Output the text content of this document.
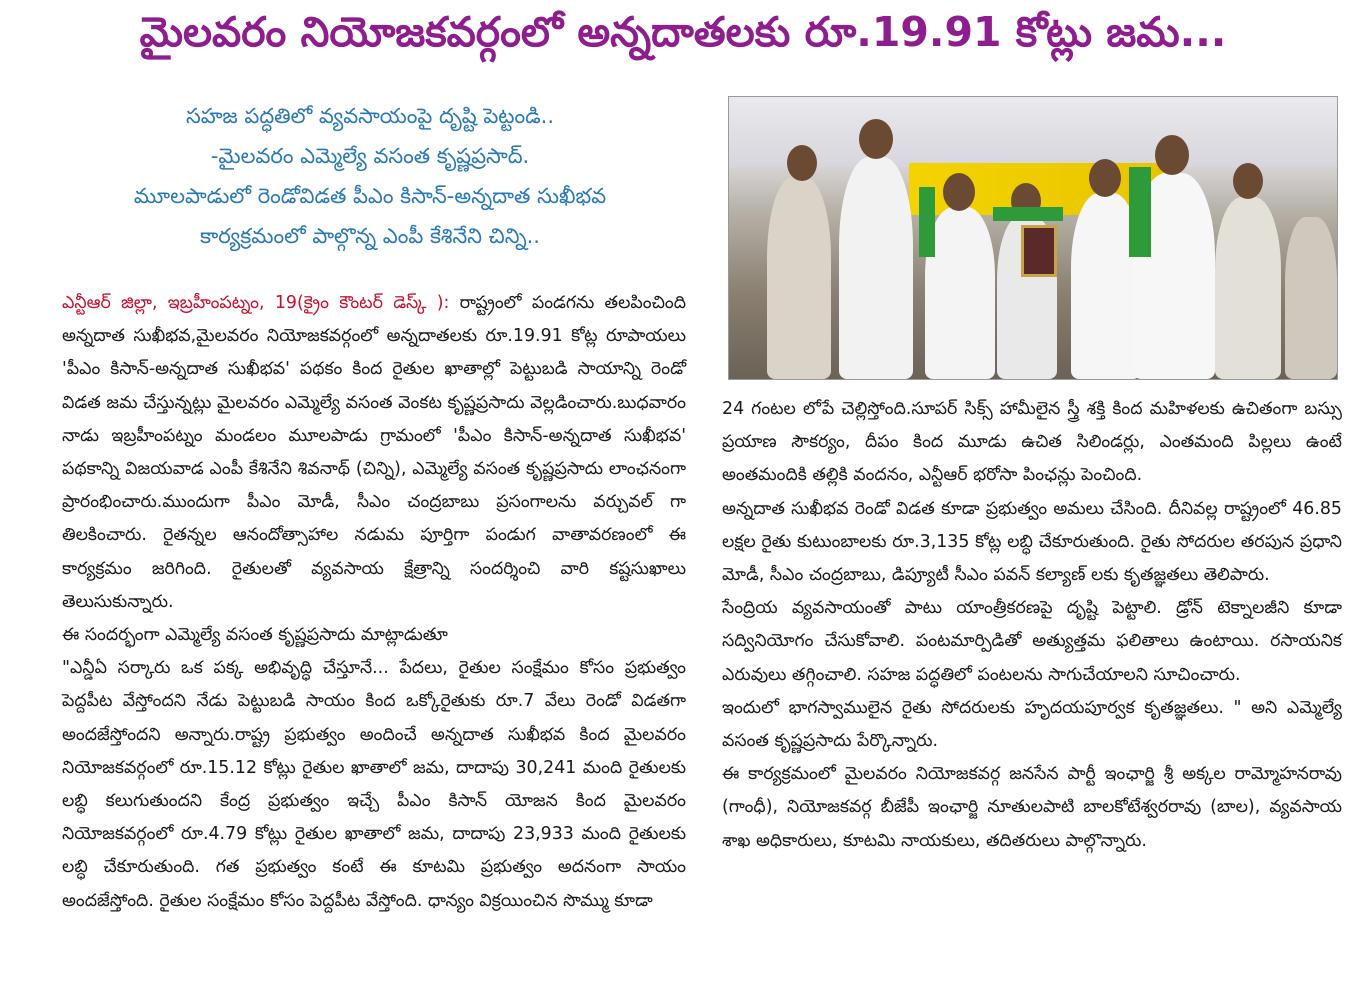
మైలవరం నియోజకవర్గంలో అన్నదాతలకు రూ.19.91 కోట్లు జమ...
సహజ పద్ధతిలో వ్యవసాయంపై దృష్టి పెట్టండి..
-మైలవరం ఎమ్మెల్యే వసంత కృష్ణప్రసాద్.
మూలపాడులో రెండోవిడత పీఎం కిసాన్-అన్నదాత సుఖీభవ
కార్యక్రమంలో పాల్గొన్న ఎంపీ కేశినేని చిన్ని..

ఎన్టీఆర్ జిల్లా, ఇబ్రహీంపట్నం, 19(క్రైం కౌంటర్ డెస్క్ ): రాష్ట్రంలో పండగను తలపించింది అన్నదాత సుఖీభవ,మైలవరం నియోజకవర్గంలో అన్నదాతలకు రూ.19.91 కోట్ల రూపాయలు 'పీఎం కిసాన్-అన్నదాత సుఖీభవ' పథకం కింద రైతుల ఖాతాల్లో పెట్టుబడి సాయాన్ని రెండో విడత జమ చేస్తున్నట్లు మైలవరం ఎమ్మెల్యే వసంత వెంకట కృష్ణప్రసాదు వెల్లడించారు.బుధవారం నాడు ఇబ్రహీంపట్నం మండలం మూలపాడు గ్రామంలో 'పీఎం కిసాన్-అన్నదాత సుఖీభవ' పథకాన్ని విజయవాడ ఎంపీ కేశినేని శివనాథ్ (చిన్ని), ఎమ్మెల్యే వసంత కృష్ణప్రసాదు లాంఛనంగా ప్రారంభించారు.ముందుగా పీఎం మోడీ, సీఎం చంద్రబాబు ప్రసంగాలను వర్చువల్ గా తిలకించారు. రైతన్నల ఆనందోత్సాహాల నడుమ పూర్తిగా పండుగ వాతావరణంలో ఈ కార్యక్రమం జరిగింది. రైతులతో వ్యవసాయ క్షేత్రాన్ని సందర్శించి వారి కష్టసుఖాలు తెలుసుకున్నారు.

ఈ సందర్భంగా ఎమ్మెల్యే వసంత కృష్ణప్రసాదు మాట్లాడుతూ

"ఎన్డీఏ సర్కారు ఒక పక్క అభివృద్ధి చేస్తూనే... పేదలు, రైతుల సంక్షేమం కోసం ప్రభుత్వం పెద్దపీట వేస్తోందని నేడు పెట్టుబడి సాయం కింద ఒక్కోరైతుకు రూ.7 వేలు రెండో విడతగా అందజేస్తోందని అన్నారు.రాష్ట్ర ప్రభుత్వం అందించే అన్నదాత సుఖీభవ కింద మైలవరం నియోజకవర్గంలో రూ.15.12 కోట్లు రైతుల ఖాతాలో జమ, దాదాపు 30,241 మంది రైతులకు లబ్ధి కలుగుతుందని కేంద్ర ప్రభుత్వం ఇచ్చే పీఎం కిసాన్ యోజన కింద మైలవరం నియోజకవర్గంలో రూ.4.79 కోట్లు రైతుల ఖాతాలో జమ, దాదాపు 23,933 మంది రైతులకు లబ్ధి చేకూరుతుంది. గత ప్రభుత్వం కంటే ఈ కూటమి ప్రభుత్వం అదనంగా సాయం అందజేస్తోంది. రైతుల సంక్షేమం కోసం పెద్దపీట వేస్తోంది. ధాన్యం విక్రయించిన సొమ్ము కూడా

24 గంటల లోపే చెల్లిస్తోంది.సూపర్ సిక్స్ హామీలైన స్త్రీ శక్తి కింద మహిళలకు ఉచితంగా బస్సు ప్రయాణ సౌకర్యం, దీపం కింద మూడు ఉచిత సిలిండర్లు, ఎంతమంది పిల్లలు ఉంటే అంతమందికి తల్లికి వందనం, ఎన్టీఆర్ భరోసా పింఛన్లు పెంచింది.

అన్నదాత సుఖీభవ రెండో విడత కూడా ప్రభుత్వం అమలు చేసింది. దీనివల్ల రాష్ట్రంలో 46.85 లక్షల రైతు కుటుంబాలకు రూ.3,135 కోట్ల లబ్ధి చేకూరుతుంది. రైతు సోదరుల తరపున ప్రధాని మోడీ, సీఎం చంద్రబాబు, డిప్యూటీ సీఎం పవన్ కల్యాణ్ లకు కృతజ్ఞతలు తెలిపారు.

సేంద్రియ వ్యవసాయంతో పాటు యాంత్రీకరణపై దృష్టి పెట్టాలి. డ్రోన్ టెక్నాలజీని కూడా సద్వినియోగం చేసుకోవాలి. పంటమార్పిడితో అత్యుత్తమ ఫలితాలు ఉంటాయి. రసాయనిక ఎరువులు తగ్గించాలి. సహజ పద్ధతిలో పంటలను సాగుచేయాలని సూచించారు.

ఇందులో భాగస్వాములైన రైతు సోదరులకు హృదయపూర్వక కృతజ్ఞతలు. " అని ఎమ్మెల్యే వసంత కృష్ణప్రసాదు పేర్కొన్నారు.

ఈ కార్యక్రమంలో మైలవరం నియోజకవర్గ జనసేన పార్టీ ఇంఛార్జి శ్రీ అక్కల రామ్మోహనరావు (గాంధీ), నియోజకవర్గ బీజేపీ ఇంఛార్జి నూతులపాటి బాలకోటేశ్వరరావు (బాల), వ్యవసాయ శాఖ అధికారులు, కూటమి నాయకులు, తదితరులు పాల్గొన్నారు.
